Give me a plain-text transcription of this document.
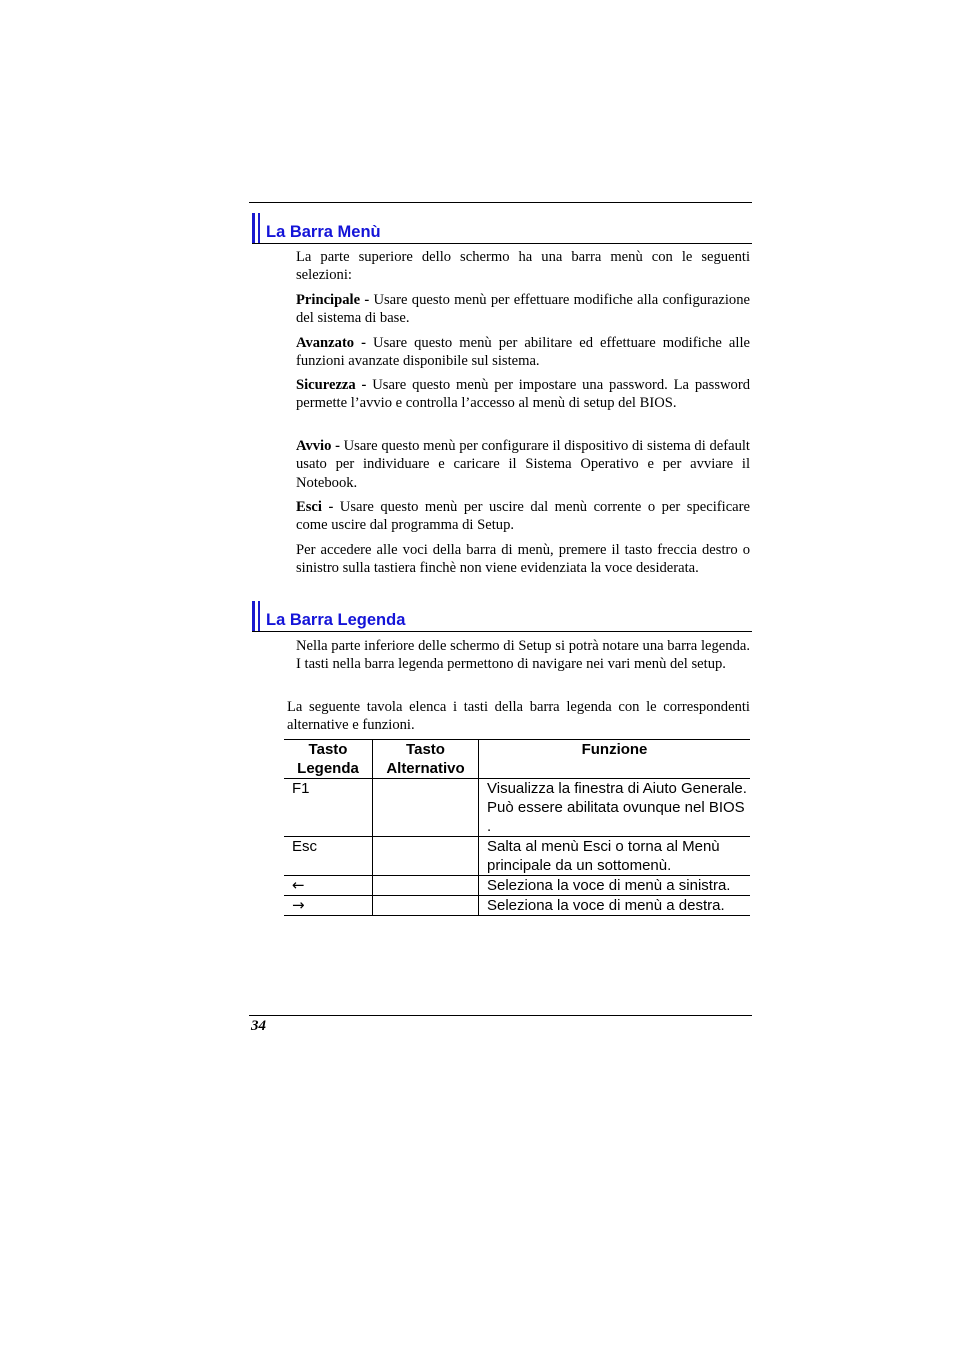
La Barra Menù

La parte superiore dello schermo ha una barra menù con le seguenti selezioni:

Principale - Usare questo menù per effettuare modifiche alla configurazione del sistema di base.

Avanzato - Usare questo menù per abilitare ed effettuare modifiche alle funzioni avanzate disponibile sul sistema.

Sicurezza - Usare questo menù per impostare una password. La password permette l’avvio e controlla l’accesso al menù di setup del BIOS.

Avvio - Usare questo menù per configurare il dispositivo di sistema di default usato per individuare e caricare il Sistema Operativo e per avviare il Notebook.

Esci - Usare questo menù per uscire dal menù corrente o per specificare come uscire dal programma di Setup.

Per accedere alle voci della barra di menù, premere il tasto freccia destro o sinistro sulla tastiera finchè non viene evidenziata la voce desiderata.

La Barra Legenda

Nella parte inferiore delle schermo di Setup si potrà notare una barra legenda. I tasti nella barra legenda permettono di navigare nei vari menù del setup.

La seguente tavola elenca i tasti della barra legenda con le correspondenti alternative e funzioni.

Tasto Legenda	Tasto Alternativo	Funzione
F1		Visualizza la finestra di Aiuto Generale. Può essere abilitata ovunque nel BIOS .
Esc		Salta al menù Esci o torna al Menù principale da un sottomenù.
←		Seleziona la voce di menù a sinistra.
→		Seleziona la voce di menù a destra.
34
